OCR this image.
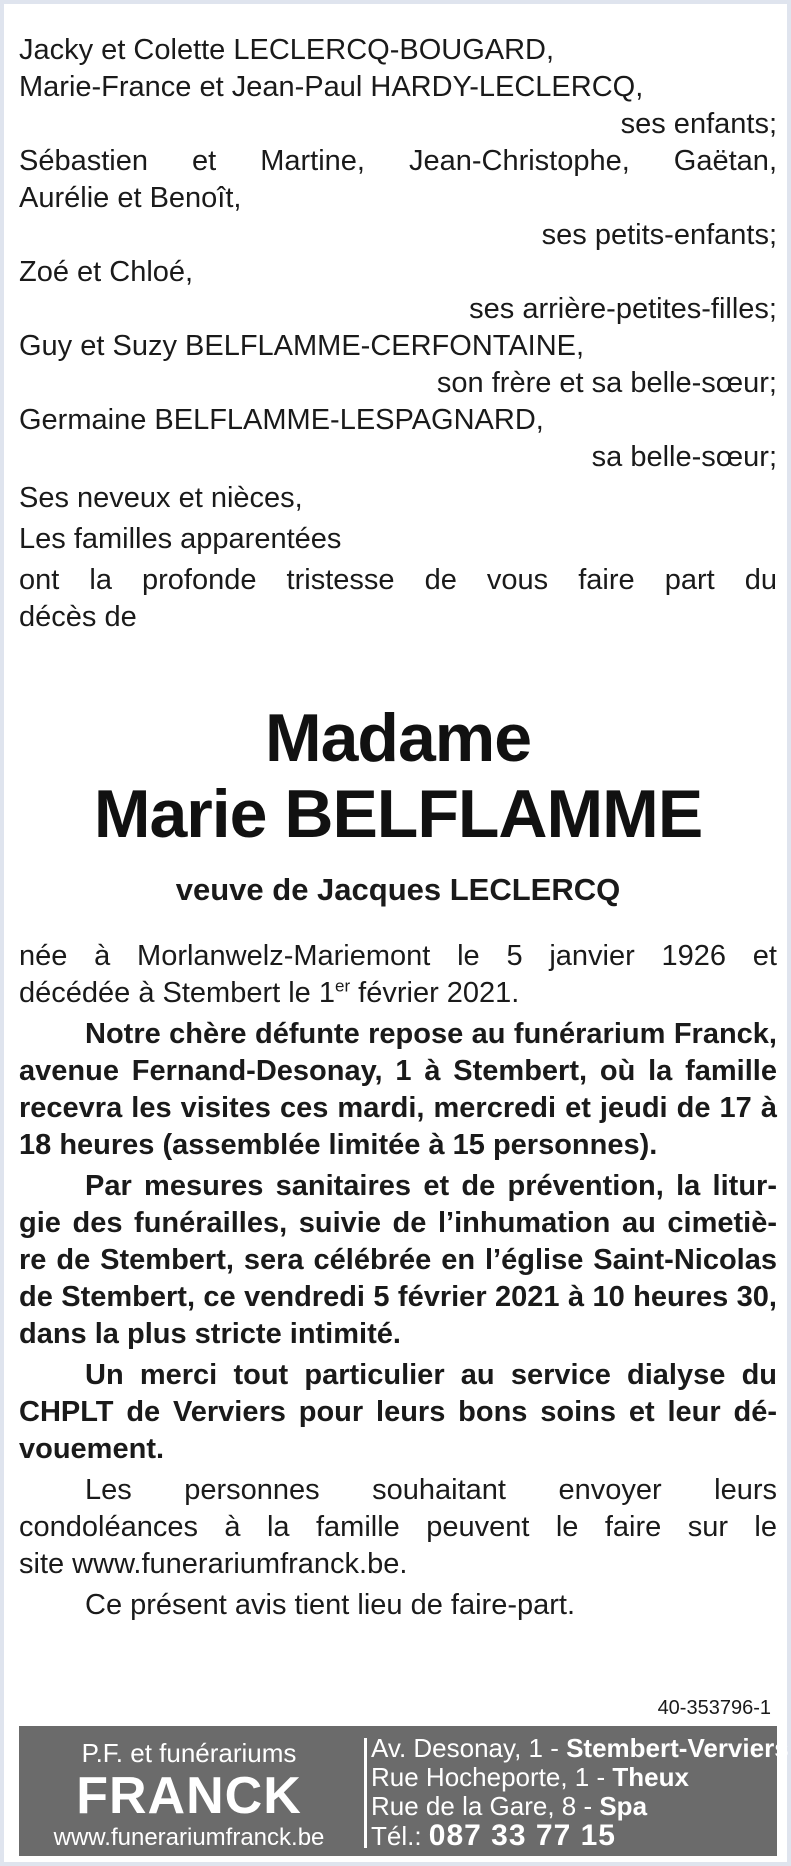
Jacky et Colette LECLERCQ-BOUGARD,
Marie-France et Jean-Paul HARDY-LECLERCQ,
ses enfants;
Sébastien et Martine, Jean-Christophe, Gaëtan,
Aurélie et Benoît,
ses petits-enfants;
Zoé et Chloé,
ses arrière-petites-filles;
Guy et Suzy BELFLAMME-CERFONTAINE,
son frère et sa belle-sœur;
Germaine BELFLAMME-LESPAGNARD,
sa belle-sœur;
Ses neveux et nièces,
Les familles apparentées
ont la profonde tristesse de vous faire part du
décès de
Madame
Marie BELFLAMME
veuve de Jacques LECLERCQ
née à Morlanwelz-Mariemont le 5 janvier 1926 et
décédée à Stembert le 1er février 2021.
Notre chère défunte repose au funérarium Franck,
avenue Fernand-Desonay, 1 à Stembert, où la famille
recevra les visites ces mardi, mercredi et jeudi de 17 à
18 heures (assemblée limitée à 15 personnes).
Par mesures sanitaires et de prévention, la litur-
gie des funérailles, suivie de l’inhumation au cimetiè-
re de Stembert, sera célébrée en l’église Saint-Nicolas
de Stembert, ce vendredi 5 février 2021 à 10 heures 30,
dans la plus stricte intimité.
Un merci tout particulier au service dialyse du
CHPLT de Verviers pour leurs bons soins et leur dé-
vouement.
Les personnes souhaitant envoyer leurs
condoléances à la famille peuvent le faire sur le
site www.funerariumfranck.be.
Ce présent avis tient lieu de faire-part.
40-353796-1
P.F. et funérariums
FRANCK
www.funerariumfranck.be
Av. Desonay, 1 - Stembert-Verviers
Rue Hocheporte, 1 - Theux
Rue de la Gare, 8 - Spa
Tél.: 087 33 77 15
